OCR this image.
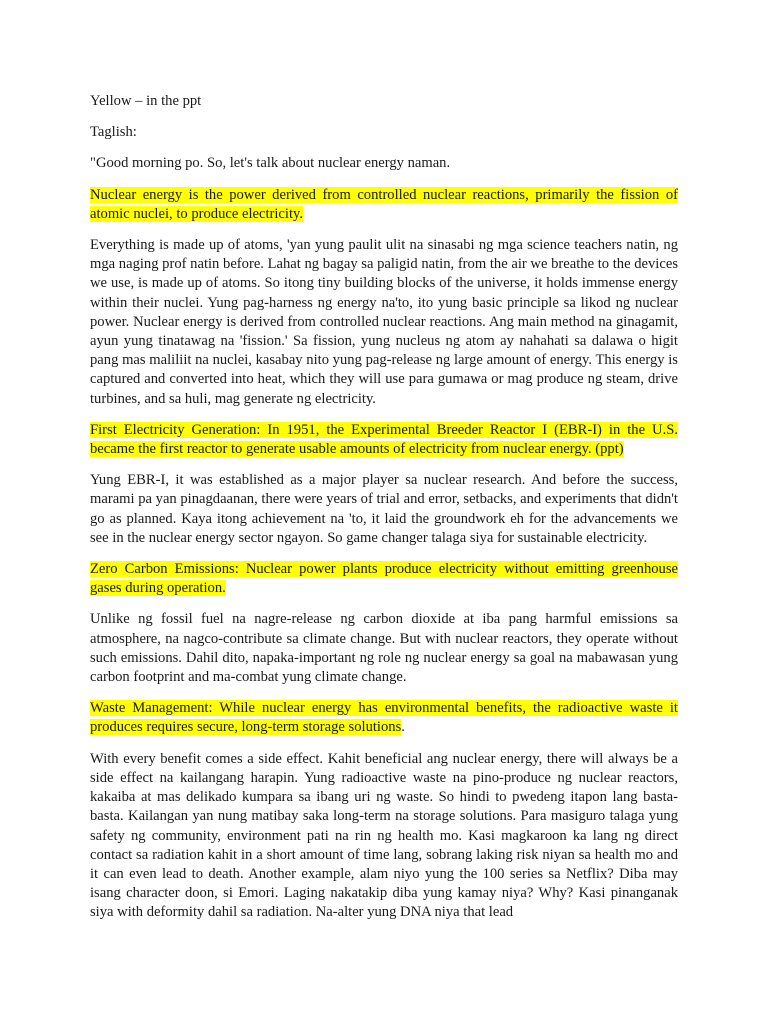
Yellow – in the ppt

Taglish:

"Good morning po. So, let's talk about nuclear energy naman.

Nuclear energy is the power derived from controlled nuclear reactions, primarily the fission of atomic nuclei, to produce electricity.

Everything is made up of atoms, 'yan yung paulit ulit na sinasabi ng mga science teachers natin, ng mga naging prof natin before. Lahat ng bagay sa paligid natin, from the air we breathe to the devices we use, is made up of atoms. So itong tiny building blocks of the universe, it holds immense energy within their nuclei. Yung pag-harness ng energy na'to, ito yung basic principle sa likod ng nuclear power. Nuclear energy is derived from controlled nuclear reactions. Ang main method na ginagamit, ayun yung tinatawag na 'fission.' Sa fission, yung nucleus ng atom ay nahahati sa dalawa o higit pang mas maliliit na nuclei, kasabay nito yung pag-release ng large amount of energy. This energy is captured and converted into heat, which they will use para gumawa or mag produce ng steam, drive turbines, and sa huli, mag generate ng electricity.

First Electricity Generation: In 1951, the Experimental Breeder Reactor I (EBR-I) in the U.S. became the first reactor to generate usable amounts of electricity from nuclear energy. (ppt)

Yung EBR-I, it was established as a major player sa nuclear research. And before the success, marami pa yan pinagdaanan, there were years of trial and error, setbacks, and experiments that didn't go as planned. Kaya itong achievement na 'to, it laid the groundwork eh for the advancements we see in the nuclear energy sector ngayon. So game changer talaga siya for sustainable electricity.

Zero Carbon Emissions: Nuclear power plants produce electricity without emitting greenhouse gases during operation.

Unlike ng fossil fuel na nagre-release ng carbon dioxide at iba pang harmful emissions sa atmosphere, na nagco-contribute sa climate change. But with nuclear reactors, they operate without such emissions. Dahil dito, napaka-important ng role ng nuclear energy sa goal na mabawasan yung carbon footprint and ma-combat yung climate change.

Waste Management: While nuclear energy has environmental benefits, the radioactive waste it produces requires secure, long-term storage solutions.

With every benefit comes a side effect. Kahit beneficial ang nuclear energy, there will always be a side effect na kailangang harapin. Yung radioactive waste na pino-produce ng nuclear reactors, kakaiba at mas delikado kumpara sa ibang uri ng waste. So hindi to pwedeng itapon lang basta-basta. Kailangan yan nung matibay saka long-term na storage solutions. Para masiguro talaga yung safety ng community, environment pati na rin ng health mo. Kasi magkaroon ka lang ng direct contact sa radiation kahit in a short amount of time lang, sobrang laking risk niyan sa health mo and it can even lead to death. Another example, alam niyo yung the 100 series sa Netflix? Diba may isang character doon, si Emori. Laging nakatakip diba yung kamay niya? Why? Kasi pinanganak siya with deformity dahil sa radiation. Na-alter yung DNA niya that lead
